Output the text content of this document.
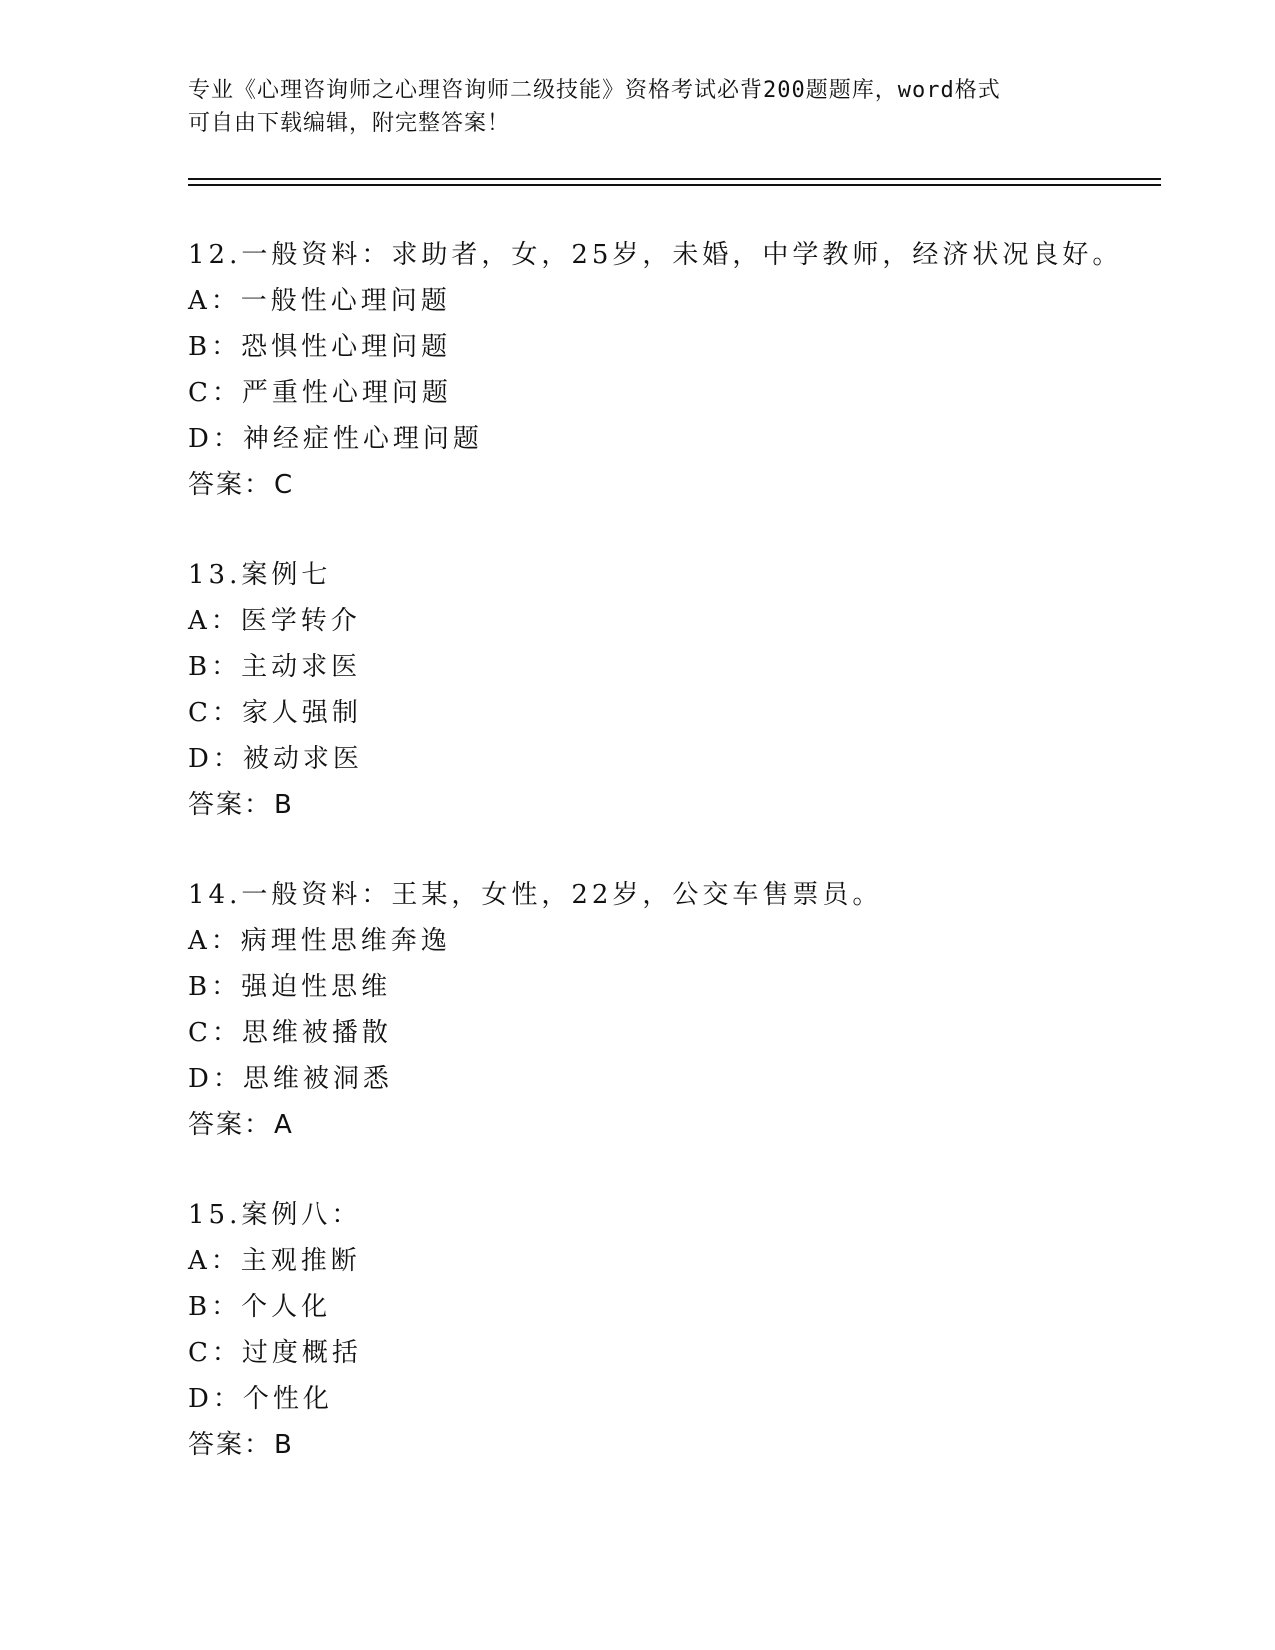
专业《心理咨询师之心理咨询师二级技能》资格考试必背200题题库，word格式
可自由下载编辑，附完整答案！
12.一般资料：求助者，女，25岁，未婚，中学教师，经济状况良好。
A：一般性心理问题
B：恐惧性心理问题
C：严重性心理问题
D：神经症性心理问题
答案：C
13.案例七
A：医学转介
B：主动求医
C：家人强制
D：被动求医
答案：B
14.一般资料：王某，女性，22岁，公交车售票员。
A：病理性思维奔逸
B：强迫性思维
C：思维被播散
D：思维被洞悉
答案：A
15.案例八：
A：主观推断
B：个人化
C：过度概括
D：个性化
答案：B
